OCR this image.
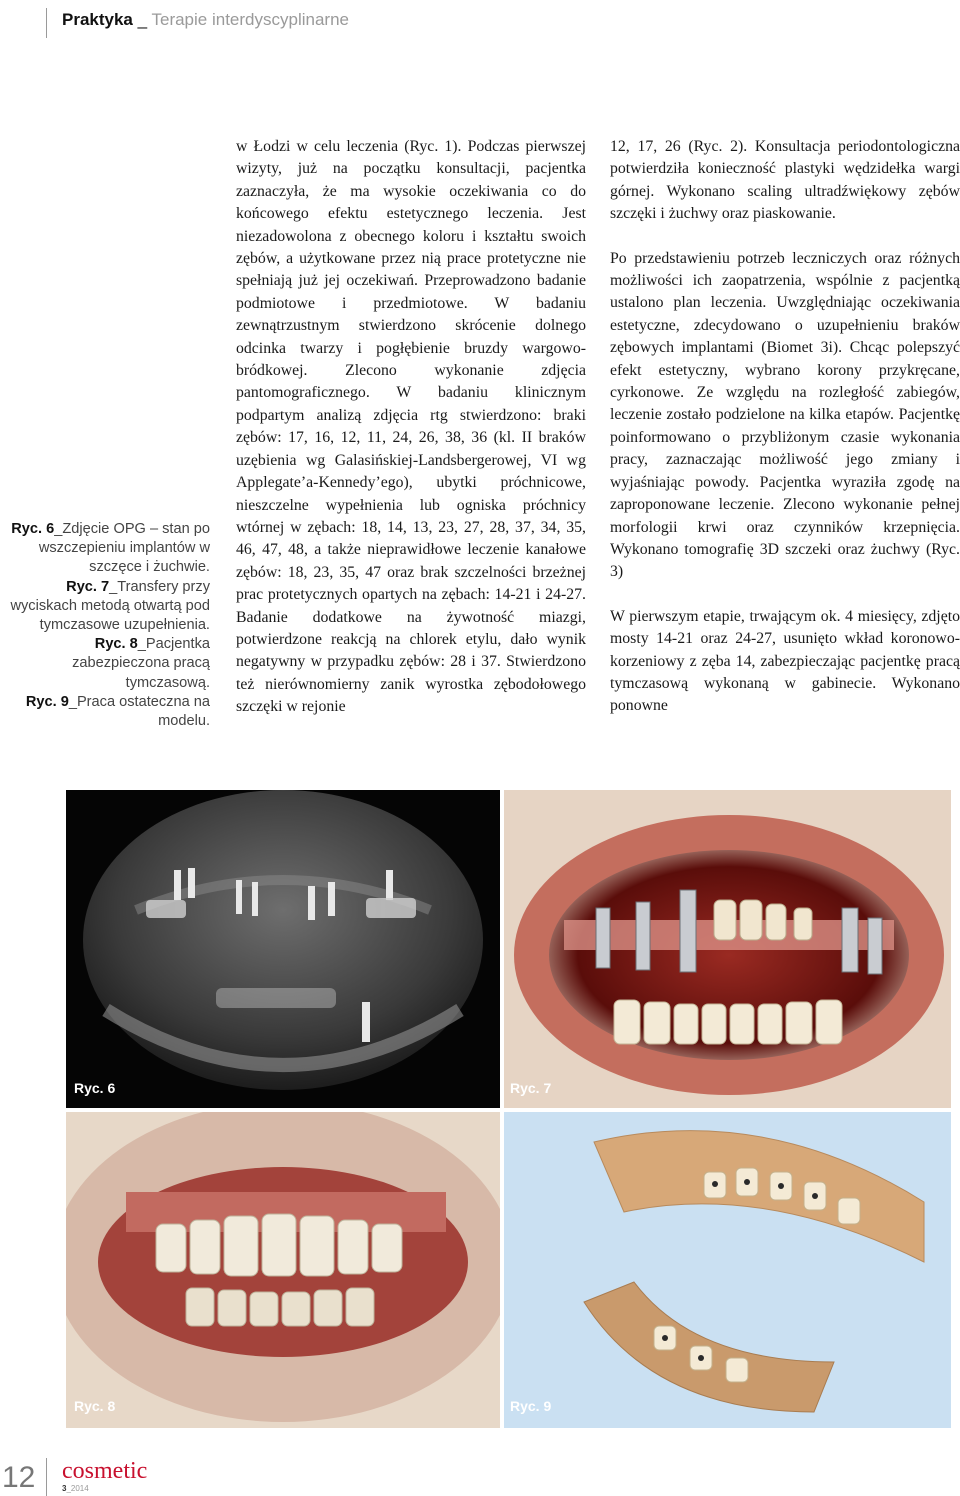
Praktyka _ Terapie interdyscyplinarne

Ryc. 6_Zdjęcie OPG – stan po wszczepieniu implantów w szczęce i żuchwie.

Ryc. 7_Transfery przy wyciskach metodą otwartą pod tymczasowe uzupełnienia.

Ryc. 8_Pacjentka zabezpieczona pracą tymczasową.

Ryc. 9_Praca ostateczna na modelu.

w Łodzi w celu leczenia (Ryc. 1). Podczas pierwszej wizyty, już na początku konsultacji, pacjentka zaznaczyła, że ma wysokie oczekiwania co do końcowego efektu estetycznego leczenia. Jest niezadowolona z obecnego koloru i kształtu swoich zębów, a użytkowane przez nią prace protetyczne nie spełniają już jej oczekiwań. Przeprowadzono badanie podmiotowe i przedmiotowe. W badaniu zewnątrzustnym stwierdzono skrócenie dolnego odcinka twarzy i pogłębienie bruzdy wargowo-bródkowej. Zlecono wykonanie zdjęcia pantomograficznego. W badaniu klinicznym podpartym analizą zdjęcia rtg stwierdzono: braki zębów: 17, 16, 12, 11, 24, 26, 38, 36 (kl. II braków uzębienia wg Galasińskiej-Landsbergerowej, VI wg Applegate’a-Kennedy’ego), ubytki próchnicowe, nieszczelne wypełnienia lub ogniska próchnicy wtórnej w zębach: 18, 14, 13, 23, 27, 28, 37, 34, 35, 46, 47, 48, a także nieprawidłowe leczenie kanałowe zębów: 18, 23, 35, 47 oraz brak szczelności brzeżnej prac protetycznych opartych na zębach: 14-21 i 24-27. Badanie dodatkowe na żywotność miazgi, potwierdzone reakcją na chlorek etylu, dało wynik negatywny w przypadku zębów: 28 i 37. Stwierdzono też nierównomierny zanik wyrostka zębodołowego szczęki w rejonie

12, 17, 26 (Ryc. 2). Konsultacja periodontologiczna potwierdziła konieczność plastyki wędzidełka wargi górnej. Wykonano scaling ultradźwiękowy zębów szczęki i żuchwy oraz piaskowanie.

Po przedstawieniu potrzeb leczniczych oraz różnych możliwości ich zaopatrzenia, wspólnie z pacjentką ustalono plan leczenia. Uwzględniając oczekiwania estetyczne, zdecydowano o uzupełnieniu braków zębowych implantami (Biomet 3i). Chcąc polepszyć efekt estetyczny, wybrano korony przykręcane, cyrkonowe. Ze względu na rozległość zabiegów, leczenie zostało podzielone na kilka etapów. Pacjentkę poinformowano o przybliżonym czasie wykonania pracy, zaznaczając możliwość jego zmiany i wyjaśniając powody. Pacjentka wyraziła zgodę na zaproponowane leczenie. Zlecono wykonanie pełnej morfologii krwi oraz czynników krzepnięcia. Wykonano tomografię 3D szczeki oraz żuchwy (Ryc. 3)

W pierwszym etapie, trwającym ok. 4 miesięcy, zdjęto mosty 14-21 oraz 24-27, usunięto wkład koronowo-korzeniowy z zęba 14, zabezpieczając pacjentkę pracą tymczasową wykonaną w gabinecie. Wykonano ponowne

Ryc. 6	Ryc. 7
Ryc. 8	Ryc. 9
12 cosmetic
3_2014
